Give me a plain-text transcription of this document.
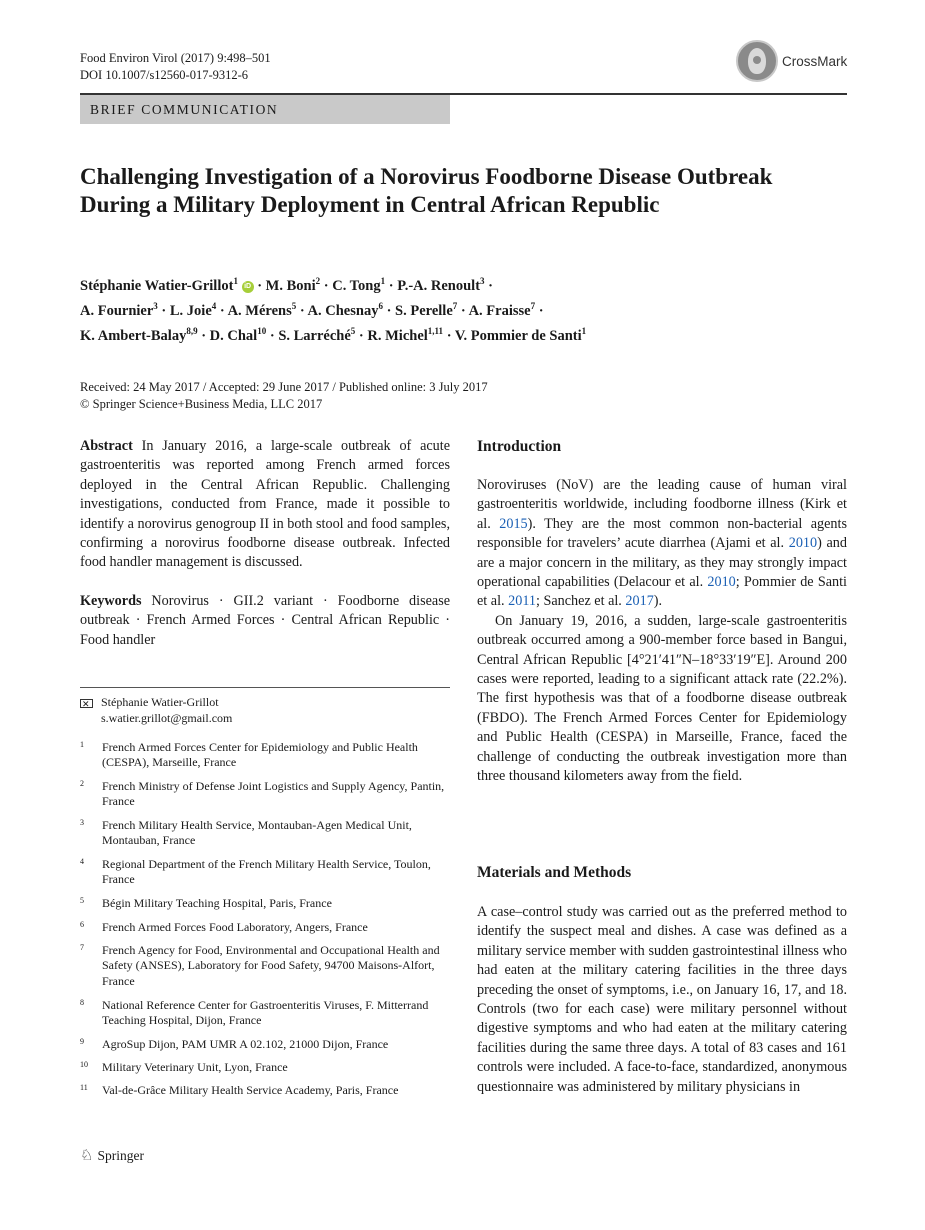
Food Environ Virol (2017) 9:498–501
DOI 10.1007/s12560-017-9312-6
CrossMark
BRIEF COMMUNICATION
Challenging Investigation of a Norovirus Foodborne Disease Outbreak During a Military Deployment in Central African Republic
Stéphanie Watier-Grillot$^1$ iD · M. Boni$^2$ · C. Tong$^1$ · P.-A. Renoult$^3$ ·
A. Fournier$^3$ · L. Joie$^4$ · A. Mérens$^5$ · A. Chesnay$^6$ · S. Perelle$^7$ · A. Fraisse$^7$ ·
K. Ambert-Balay$^{8,9}$ · D. Chal$^{10}$ · S. Larréché$^5$ · R. Michel$^{1,11}$ · V. Pommier de Santi$^1$
Received: 24 May 2017 / Accepted: 29 June 2017 / Published online: 3 July 2017
© Springer Science+Business Media, LLC 2017

Abstract In January 2016, a large-scale outbreak of acute gastroenteritis was reported among French armed forces deployed in the Central African Republic. Challenging investigations, conducted from France, made it possible to identify a norovirus genogroup II in both stool and food samples, confirming a norovirus foodborne disease outbreak. Infected food handler management is discussed.

Keywords Norovirus · GII.2 variant · Foodborne disease outbreak · French Armed Forces · Central African Republic · Food handler

✕Stéphanie Watier-Grillot
s.watier.grillot@gmail.com
1 French Armed Forces Center for Epidemiology and Public Health (CESPA), Marseille, France
2 French Ministry of Defense Joint Logistics and Supply Agency, Pantin, France
3 French Military Health Service, Montauban-Agen Medical Unit, Montauban, France
4 Regional Department of the French Military Health Service, Toulon, France
5 Bégin Military Teaching Hospital, Paris, France
6 French Armed Forces Food Laboratory, Angers, France
7 French Agency for Food, Environmental and Occupational Health and Safety (ANSES), Laboratory for Food Safety, 94700 Maisons-Alfort, France
8 National Reference Center for Gastroenteritis Viruses, F. Mitterrand Teaching Hospital, Dijon, France
9 AgroSup Dijon, PAM UMR A 02.102, 21000 Dijon, France
10 Military Veterinary Unit, Lyon, France
11 Val-de-Grâce Military Health Service Academy, Paris, France
Introduction

Noroviruses (NoV) are the leading cause of human viral gastroenteritis worldwide, including foodborne illness (Kirk et al. 2015). They are the most common non-bacterial agents responsible for travelers’ acute diarrhea (Ajami et al. 2010) and are a major concern in the military, as they may strongly impact operational capabilities (Delacour et al. 2010; Pommier de Santi et al. 2011; Sanchez et al. 2017).

On January 19, 2016, a sudden, large-scale gastroenteritis outbreak occurred among a 900-member force based in Bangui, Central African Republic [4°21′41″N–18°33′19″E]. Around 200 cases were reported, leading to a significant attack rate (22.2%). The first hypothesis was that of a foodborne disease outbreak (FBDO). The French Armed Forces Center for Epidemiology and Public Health (CESPA) in Marseille, France, faced the challenge of conducting the outbreak investigation more than three thousand kilometers away from the field.

Materials and Methods

A case–control study was carried out as the preferred method to identify the suspect meal and dishes. A case was defined as a military service member with sudden gastrointestinal illness who had eaten at the military catering facilities in the three days preceding the onset of symptoms, i.e., on January 16, 17, and 18. Controls (two for each case) were military personnel without digestive symptoms and who had eaten at the military catering facilities during the same three days. A total of 83 cases and 161 controls were included. A face-to-face, standardized, anonymous questionnaire was administered by military physicians in

♘ Springer
